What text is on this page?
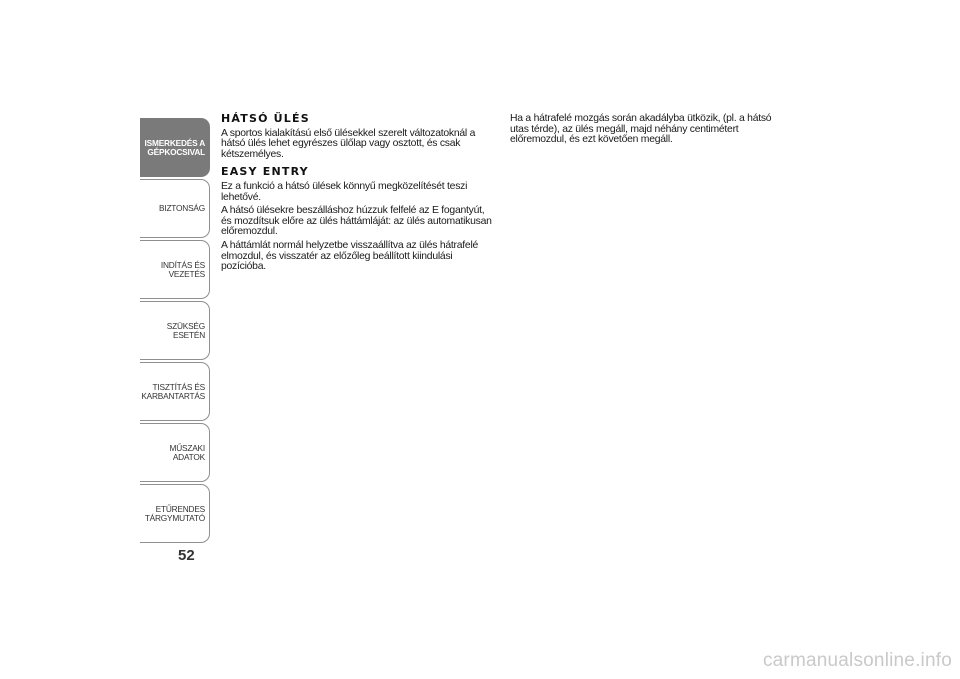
ISMERKEDÉS A
GÉPKOCSIVAL
BIZTONSÁG
INDÍTÁS ÉS VEZETÉS
SZÜKSÉG ESETÉN
TISZTÍTÁS ÉS
KARBANTARTÁS
MŰSZAKI ADATOK
ETŰRENDES
TÁRGYMUTATÓ
52
HÁTSÓ ÜLÉS

A sportos kialakítású első ülésekkel szerelt változatoknál a hátsó ülés lehet egyrészes ülőlap vagy osztott, és csak kétszemélyes.

EASY ENTRY

Ez a funkció a hátsó ülések könnyű megközelítését teszi lehetővé.

A hátsó ülésekre beszálláshoz húzzuk felfelé az E fogantyút, és mozdítsuk előre az ülés háttámláját: az ülés automatikusan előremozdul.

A háttámlát normál helyzetbe visszaállítva az ülés hátrafelé elmozdul, és visszatér az előzőleg beállított kiindulási pozícióba.

Ha a hátrafelé mozgás során akadályba ütközik, (pl. a hátsó utas térde), az ülés megáll, majd néhány centimétert előremozdul, és ezt követően megáll.

carmanualsonline.info
